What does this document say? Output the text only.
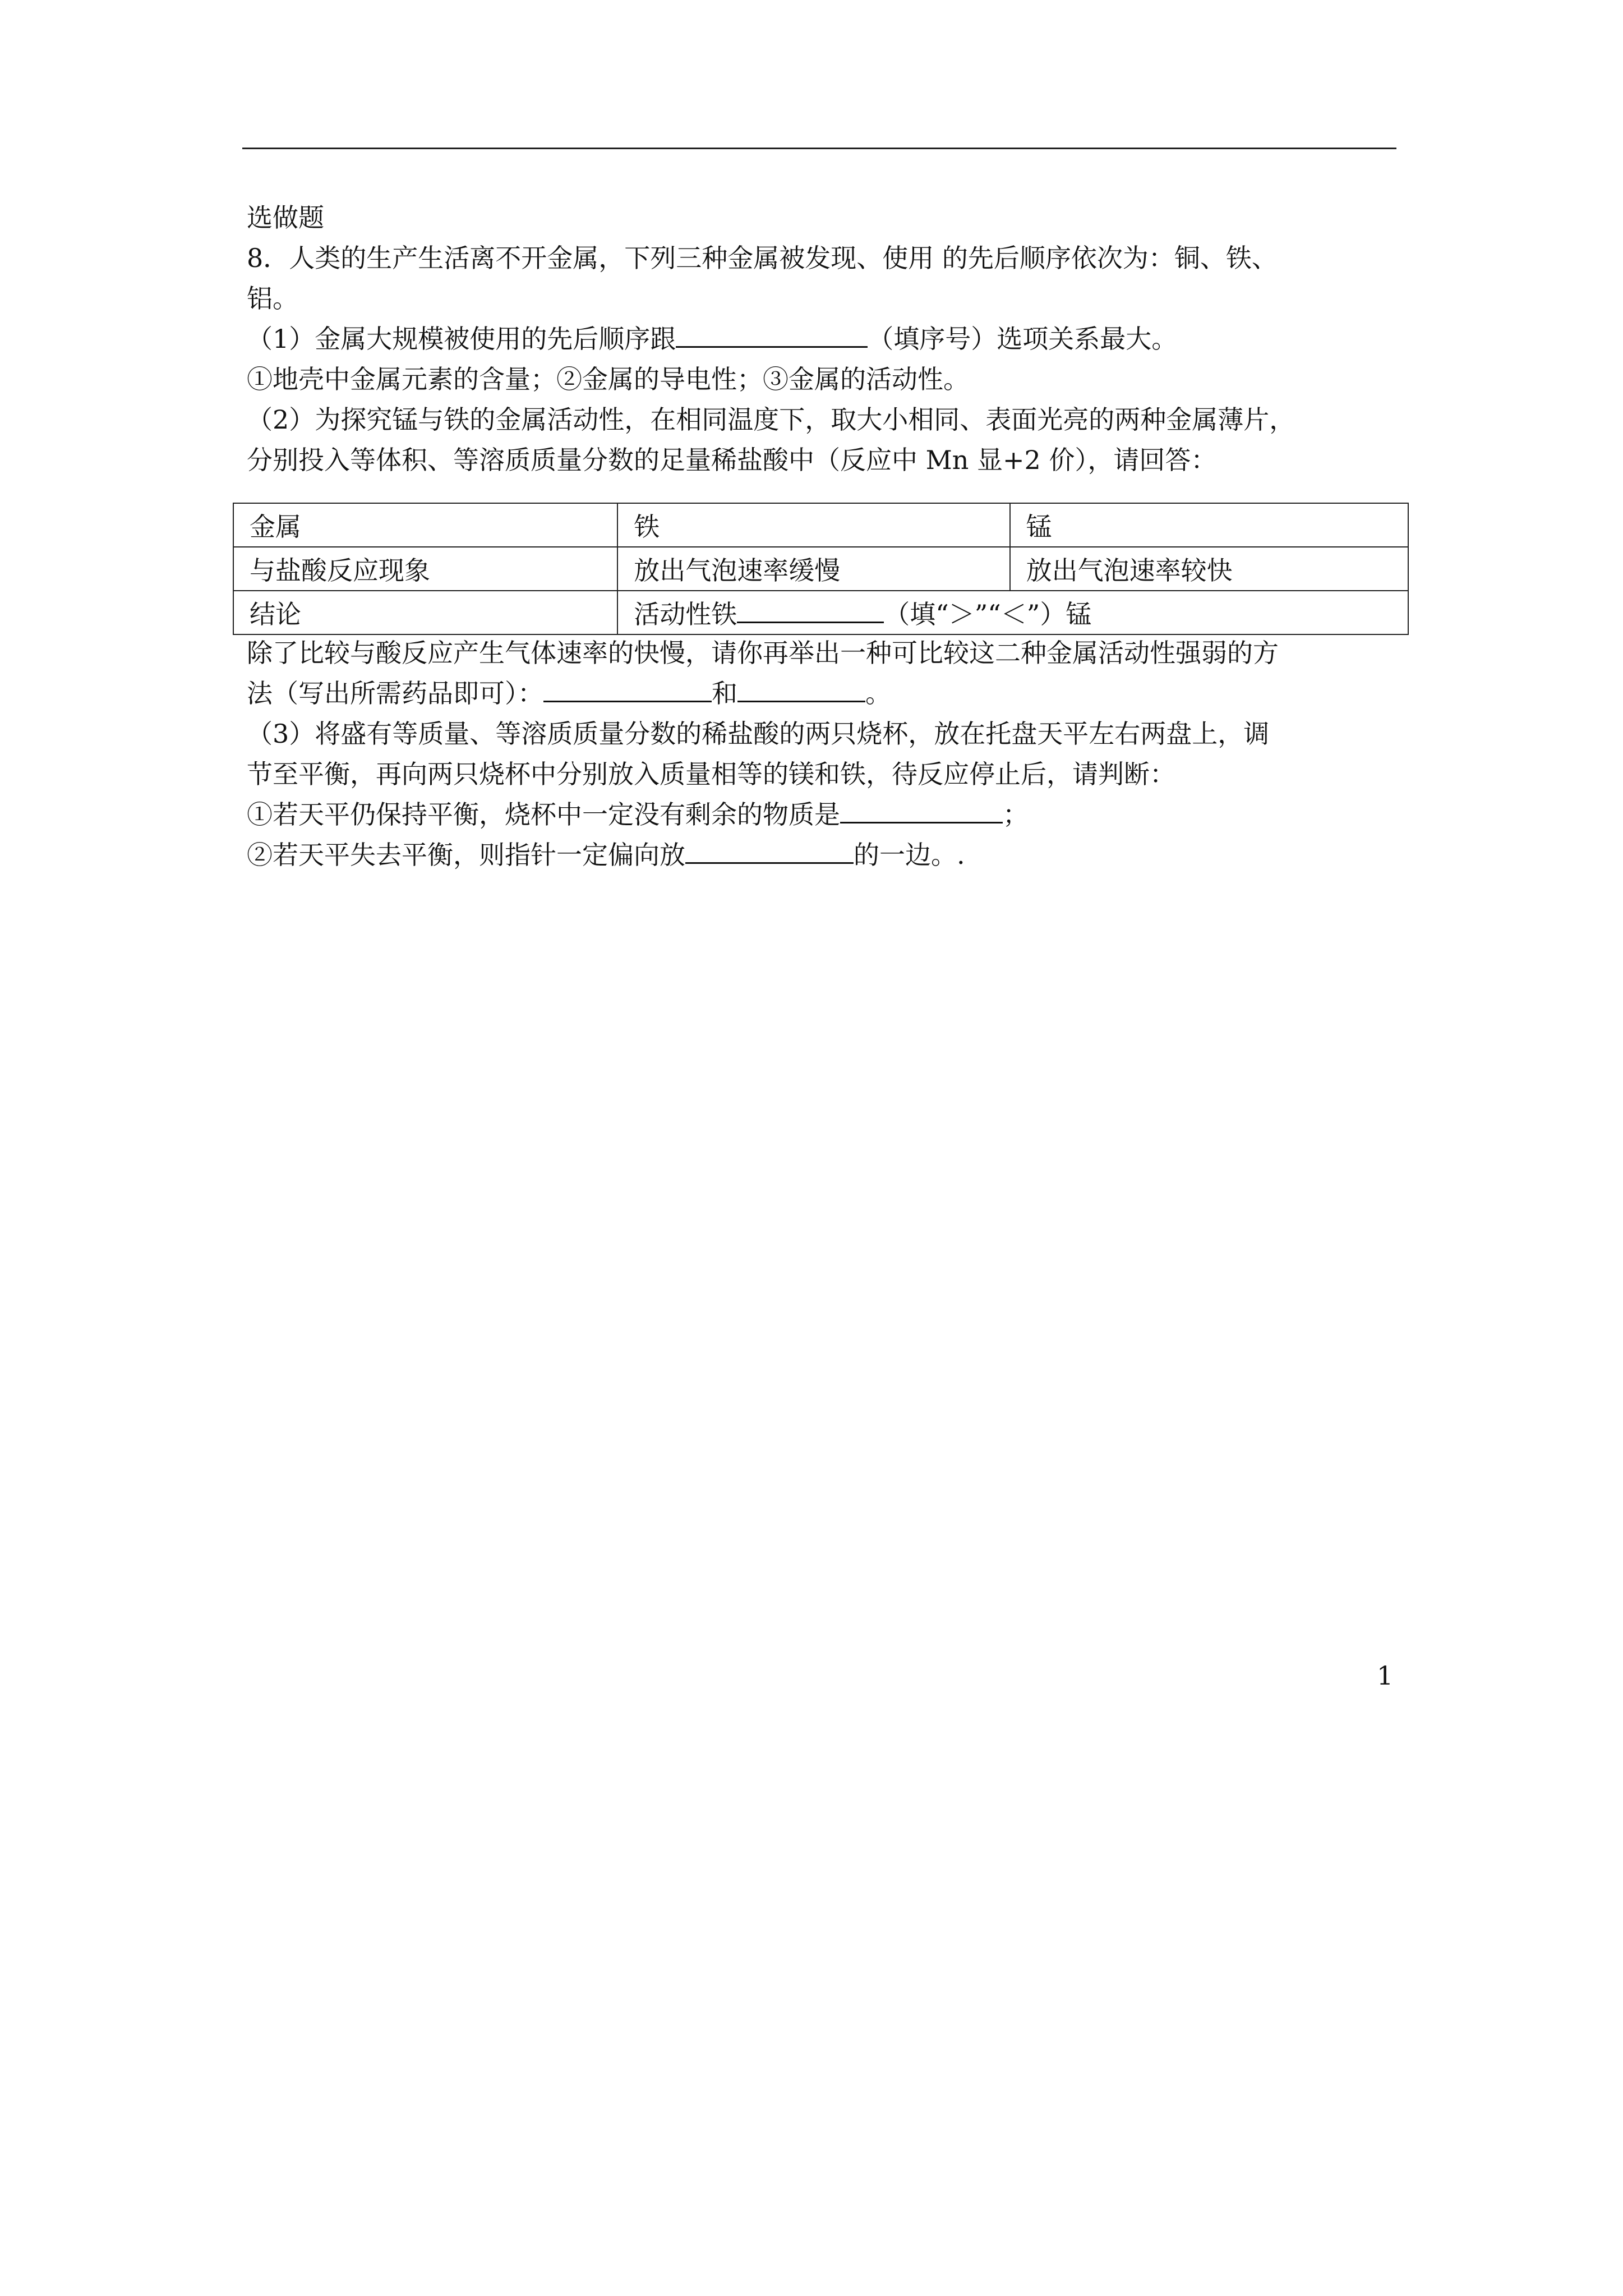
选做题
8．人类的生产生活离不开金属，下列三种金属被发现、使用 的先后顺序依次为：铜、铁、
铝。
（1）金属大规模被使用的先后顺序跟	（填序号）选项关系最大。
①地壳中金属元素的含量；②金属的导电性；③金属的活动性。
（2）为探究锰与铁的金属活动性，在相同温度下，取大小相同、表面光亮的两种金属薄片，
分别投入等体积、等溶质质量分数的足量稀盐酸中（反应中 Mn 显+2 价），请回答：
金属	铁	锰
与盐酸反应现象	放出气泡速率缓慢	放出气泡速率较快
结论	活动性铁 （填“＞”“＜”）锰	
除了比较与酸反应产生气体速率的快慢，请你再举出一种可比较这二种金属活动性强弱的方
法（写出所需药品即可）：	和	。
（3）将盛有等质量、等溶质质量分数的稀盐酸的两只烧杯，放在托盘天平左右两盘上，调
节至平衡，再向两只烧杯中分别放入质量相等的镁和铁，待反应停止后，请判断：
①若天平仍保持平衡，烧杯中一定没有剩余的物质是	；
②若天平失去平衡，则指针一定偏向放	的一边。.
1
